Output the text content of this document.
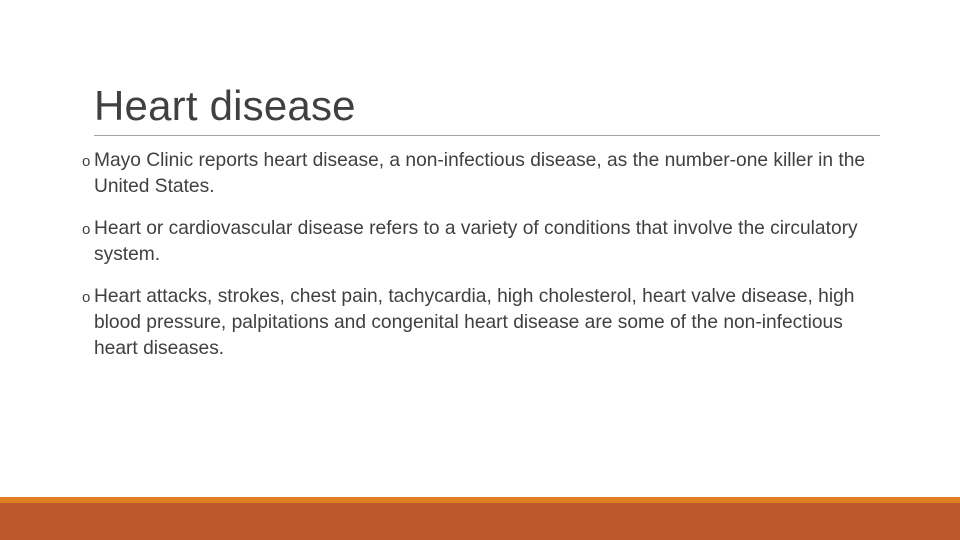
Heart disease
o Mayo Clinic reports heart disease, a non-infectious disease, as the number-one killer in the United States.
o Heart or cardiovascular disease refers to a variety of conditions that involve the circulatory system.
o Heart attacks, strokes, chest pain, tachycardia, high cholesterol, heart valve disease, high blood pressure, palpitations and congenital heart disease are some of the non-infectious heart diseases.
